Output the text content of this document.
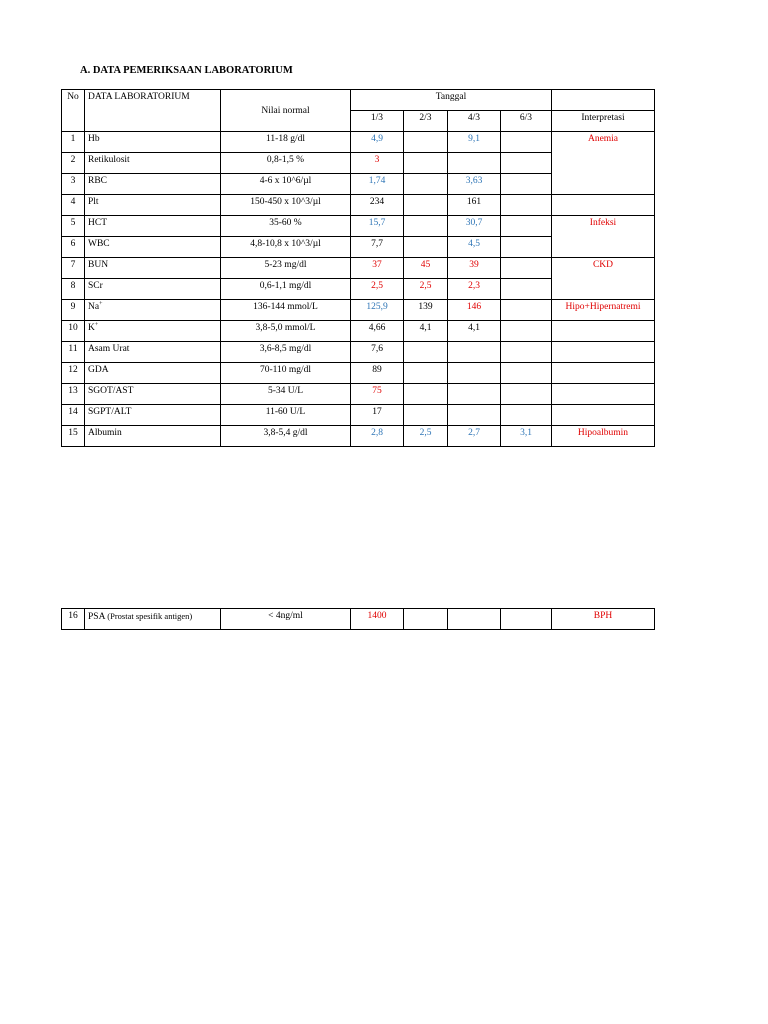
A. DATA PEMERIKSAAN LABORATORIUM
No	DATA LABORATORIUM	Nilai normal	Tanggal				
			1/3	2/3	4/3	6/3	Interpretasi
1	Hb	11-18 g/dl	4,9		9,1		Anemia
2	Retikulosit	0,8-1,5 %	3				
3	RBC	4-6 x 10^6/µl	1,74		3,63		
4	Plt	150-450 x 10^3/µl	234		161		
5	HCT	35-60 %	15,7		30,7		Infeksi
6	WBC	4,8-10,8 x 10^3/µl	7,7		4,5		
7	BUN	5-23 mg/dl	37	45	39		CKD
8	SCr	0,6-1,1 mg/dl	2,5	2,5	2,3		
9	Na+	136-144 mmol/L	125,9	139	146		Hipo+Hipernatremi
10	K+	3,8-5,0 mmol/L	4,66	4,1	4,1		
11	Asam Urat	3,6-8,5 mg/dl	7,6				
12	GDA	70-110 mg/dl	89				
13	SGOT/AST	5-34 U/L	75				
14	SGPT/ALT	11-60 U/L	17				
15	Albumin	3,8-5,4 g/dl	2,8	2,5	2,7	3,1	Hipoalbumin
16	PSA (Prostat spesifik antigen)	< 4ng/ml	1400				BPH
